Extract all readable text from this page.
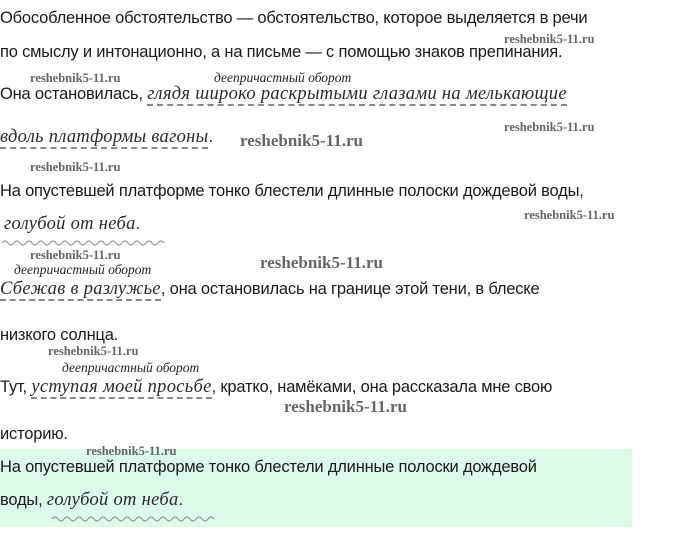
Обособленное обстоятельство — обстоятельство, которое выделяется в речи
по смыслу и интонационно, а на письме — с помощью знаков препинания.
reshebnik5-11.ru
reshebnik5-11.ru	деепричастный оборот
Она остановилась, глядя широко раскрытыми глазами на мелькающие
reshebnik5-11.ru
вдоль платформы вагоны. reshebnik5-11.ru
reshebnik5-11.ru
На опустевшей платформе тонко блестели длинные полоски дождевой воды,
reshebnik5-11.ru
голубой от неба.
reshebnik5-11.ru	reshebnik5-11.ru
деепричастный оборот
Сбежав в разлужье, она остановилась на границе этой тени, в блеске
низкого солнца.
reshebnik5-11.ru
деепричастный оборот
Тут, уступая моей просьбе, кратко, намёками, она рассказала мне свою
reshebnik5-11.ru
историю.
reshebnik5-11.ru
На опустевшей платформе тонко блестели длинные полоски дождевой
воды, голубой от неба.
